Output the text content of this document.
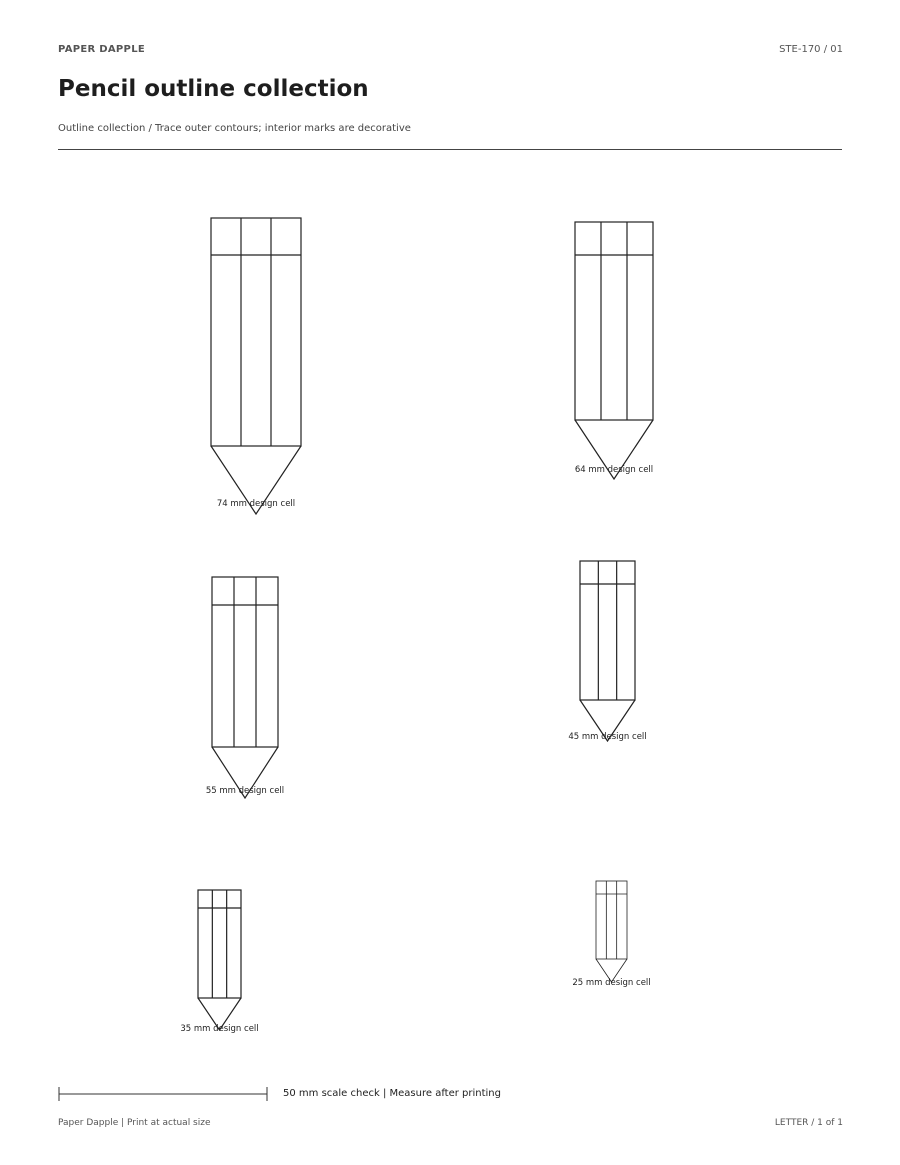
PAPER DAPPLE	STE-170 / 01
Pencil outline collection
Outline collection / Trace outer contours; interior marks are decorative
74 mm design cell
64 mm design cell
55 mm design cell
45 mm design cell
35 mm design cell
25 mm design cell
50 mm scale check | Measure after printing
Paper Dapple | Print at actual size	LETTER / 1 of 1
